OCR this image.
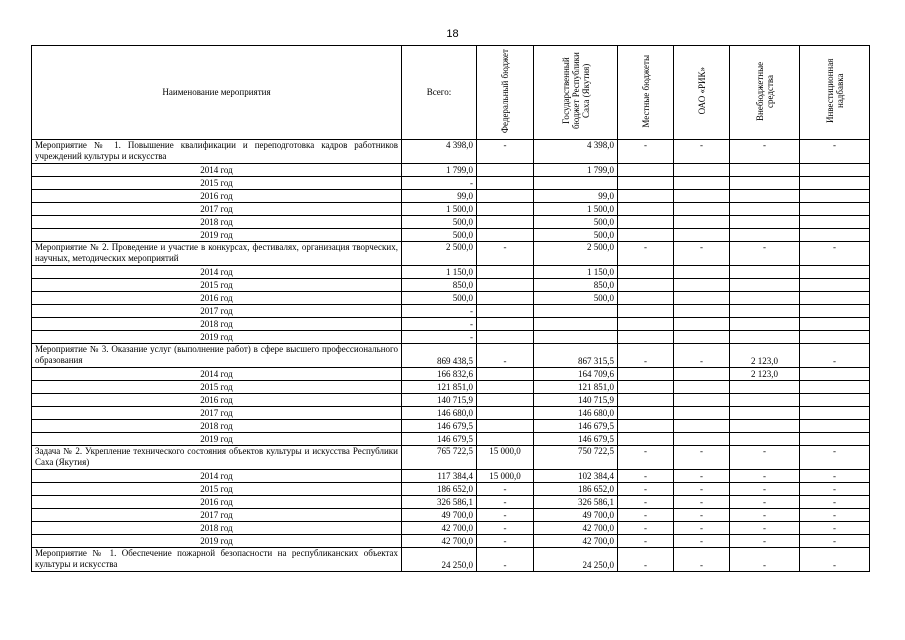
18
Наименование мероприятия	Всего:	Федеральный бюджет	Государственный бюджет Республики Саха (Якутия)	Местные бюджеты	ОАО «РИК»	Внебюджетные средства	Инвестиционная надбавка
Мероприятие № 1. Повышение квалификации и переподготовка кадров работников учреждений культуры и искусства	4 398,0	-	4 398,0	-	-	-	-
2014 год	1 799,0		1 799,0				
2015 год	-						
2016 год	99,0		99,0				
2017 год	1 500,0		1 500,0				
2018 год	500,0		500,0				
2019 год	500,0		500,0				
Мероприятие № 2. Проведение и участие в конкурсах, фестивалях, организация творческих, научных, методических мероприятий	2 500,0	-	2 500,0	-	-	-	-
2014 год	1 150,0		1 150,0				
2015 год	850,0		850,0				
2016 год	500,0		500,0				
2017 год	-						
2018 год	-						
2019 год	-						
Мероприятие № 3. Оказание услуг (выполнение работ) в сфере высшего профессионального образования	869 438,5	-	867 315,5	-	-	2 123,0	-
2014 год	166 832,6		164 709,6			2 123,0	
2015 год	121 851,0		121 851,0				
2016 год	140 715,9		140 715,9				
2017 год	146 680,0		146 680,0				
2018 год	146 679,5		146 679,5				
2019 год	146 679,5		146 679,5				
Задача № 2. Укрепление технического состояния объектов культуры и искусства Республики Саха (Якутия)	765 722,5	15 000,0	750 722,5	-	-	-	-
2014 год	117 384,4	15 000,0	102 384,4	-	-	-	-
2015 год	186 652,0	-	186 652,0	-	-	-	-
2016 год	326 586,1	-	326 586,1	-	-	-	-
2017 год	49 700,0	-	49 700,0	-	-	-	-
2018 год	42 700,0	-	42 700,0	-	-	-	-
2019 год	42 700,0	-	42 700,0	-	-	-	-
Мероприятие № 1. Обеспечение пожарной безопасности на республиканских объектах культуры и искусства	24 250,0	-	24 250,0	-	-	-	-
